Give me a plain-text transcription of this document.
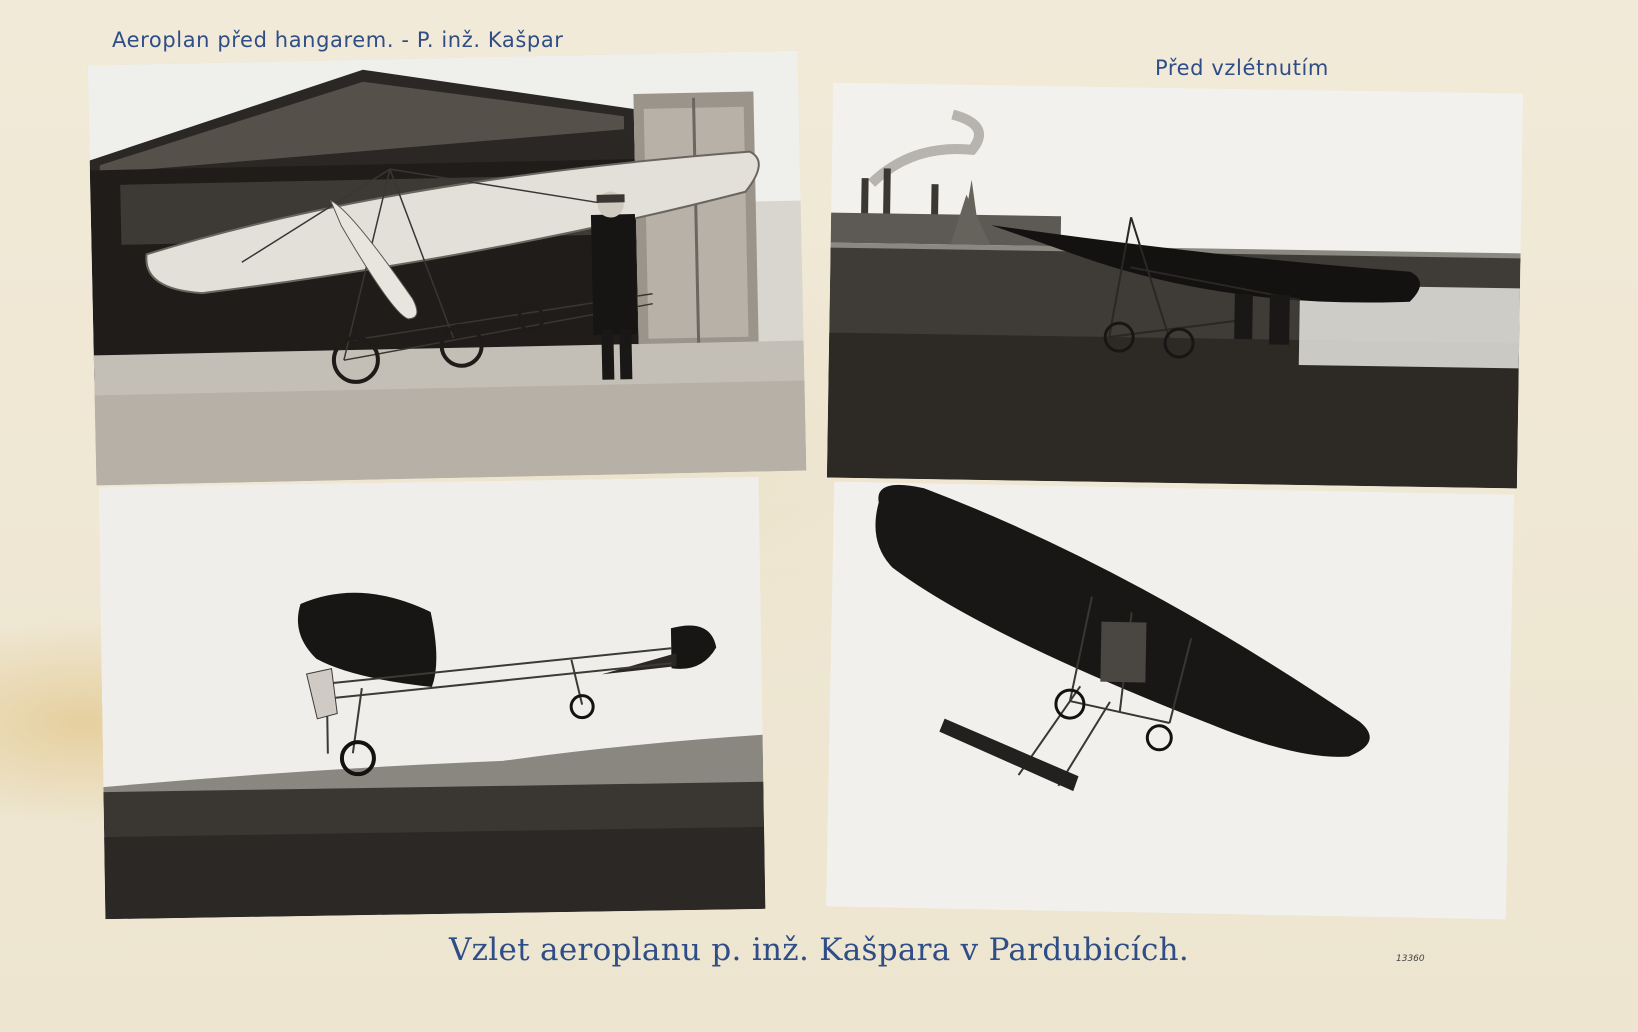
Aeroplan před hangarem. - P. inž. Kašpar
Před vzlétnutím
Vzlet aeroplanu p. inž. Kašpara v Pardubicích.	13360
